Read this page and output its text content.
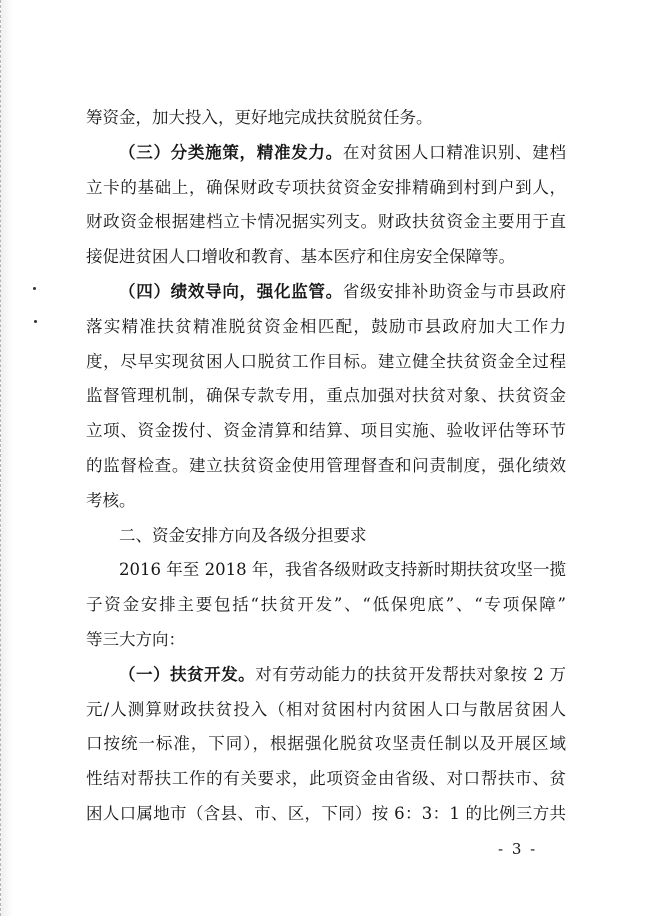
筹资金，加大投入，更好地完成扶贫脱贫任务。
（三）分类施策，精准发力。在对贫困人口精准识别、建档
立卡的基础上，确保财政专项扶贫资金安排精确到村到户到人，
财政资金根据建档立卡情况据实列支。财政扶贫资金主要用于直
接促进贫困人口增收和教育、基本医疗和住房安全保障等。
（四）绩效导向，强化监管。省级安排补助资金与市县政府
落实精准扶贫精准脱贫资金相匹配，鼓励市县政府加大工作力
度，尽早实现贫困人口脱贫工作目标。建立健全扶贫资金全过程
监督管理机制，确保专款专用，重点加强对扶贫对象、扶贫资金
立项、资金拨付、资金清算和结算、项目实施、验收评估等环节
的监督检查。建立扶贫资金使用管理督查和问责制度，强化绩效
考核。
二、资金安排方向及各级分担要求
2016 年至 2018 年，我省各级财政支持新时期扶贫攻坚一揽
子资金安排主要包括“扶贫开发”、“低保兜底”、“专项保障”
等三大方向：
（一）扶贫开发。对有劳动能力的扶贫开发帮扶对象按 2 万
元/人测算财政扶贫投入（相对贫困村内贫困人口与散居贫困人
口按统一标准，下同），根据强化脱贫攻坚责任制以及开展区域
性结对帮扶工作的有关要求，此项资金由省级、对口帮扶市、贫
困人口属地市（含县、市、区，下同）按 6：3：1 的比例三方共
- 3 -
